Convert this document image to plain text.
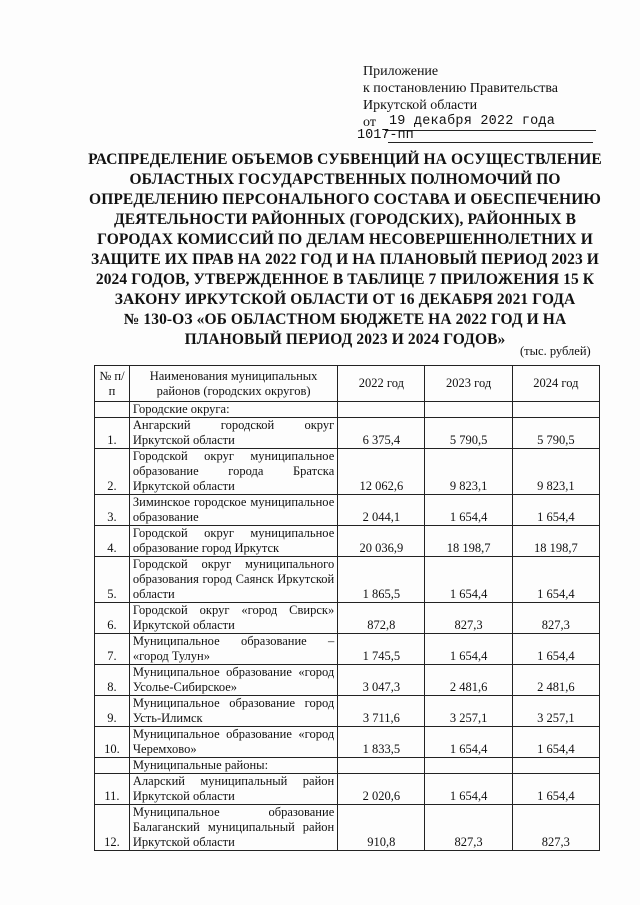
Приложение
к постановлению Правительства
Иркутской области
от 19 декабря 2022 года
1017-пп
РАСПРЕДЕЛЕНИЕ ОБЪЕМОВ СУБВЕНЦИЙ НА ОСУЩЕСТВЛЕНИЕ
ОБЛАСТНЫХ ГОСУДАРСТВЕННЫХ ПОЛНОМОЧИЙ ПО
ОПРЕДЕЛЕНИЮ ПЕРСОНАЛЬНОГО СОСТАВА И ОБЕСПЕЧЕНИЮ
ДЕЯТЕЛЬНОСТИ РАЙОННЫХ (ГОРОДСКИХ), РАЙОННЫХ В
ГОРОДАХ КОМИССИЙ ПО ДЕЛАМ НЕСОВЕРШЕННОЛЕТНИХ И
ЗАЩИТЕ ИХ ПРАВ НА 2022 ГОД И НА ПЛАНОВЫЙ ПЕРИОД 2023 И
2024 ГОДОВ, УТВЕРЖДЕННОЕ В ТАБЛИЦЕ 7 ПРИЛОЖЕНИЯ 15 К
ЗАКОНУ ИРКУТСКОЙ ОБЛАСТИ ОТ 16 ДЕКАБРЯ 2021 ГОДА
№ 130-ОЗ «ОБ ОБЛАСТНОМ БЮДЖЕТЕ НА 2022 ГОД И НА
ПЛАНОВЫЙ ПЕРИОД 2023 И 2024 ГОДОВ»
(тыс. рублей)
№ п/п	Наименования муниципальных районов (городских округов)	2022 год	2023 год	2024 год
	Городские округа:			
1.	Ангарский городской округ Иркутской области	6 375,4	5 790,5	5 790,5
2.	Городской округ муниципальное образование города Братска Иркутской области	12 062,6	9 823,1	9 823,1
3.	Зиминское городское муниципальное образование	2 044,1	1 654,4	1 654,4
4.	Городской округ муниципальное образование город Иркутск	20 036,9	18 198,7	18 198,7
5.	Городской округ муниципального образования город Саянск Иркутской области	1 865,5	1 654,4	1 654,4
6.	Городской округ «город Свирск» Иркутской области	872,8	827,3	827,3
7.	Муниципальное образование – «город Тулун»	1 745,5	1 654,4	1 654,4
8.	Муниципальное образование «город Усолье-Сибирское»	3 047,3	2 481,6	2 481,6
9.	Муниципальное образование город Усть-Илимск	3 711,6	3 257,1	3 257,1
10.	Муниципальное образование «город Черемхово»	1 833,5	1 654,4	1 654,4
	Муниципальные районы:			
11.	Аларский муниципальный район Иркутской области	2 020,6	1 654,4	1 654,4
12.	Муниципальное образование Балаганский муниципальный район Иркутской области	910,8	827,3	827,3
